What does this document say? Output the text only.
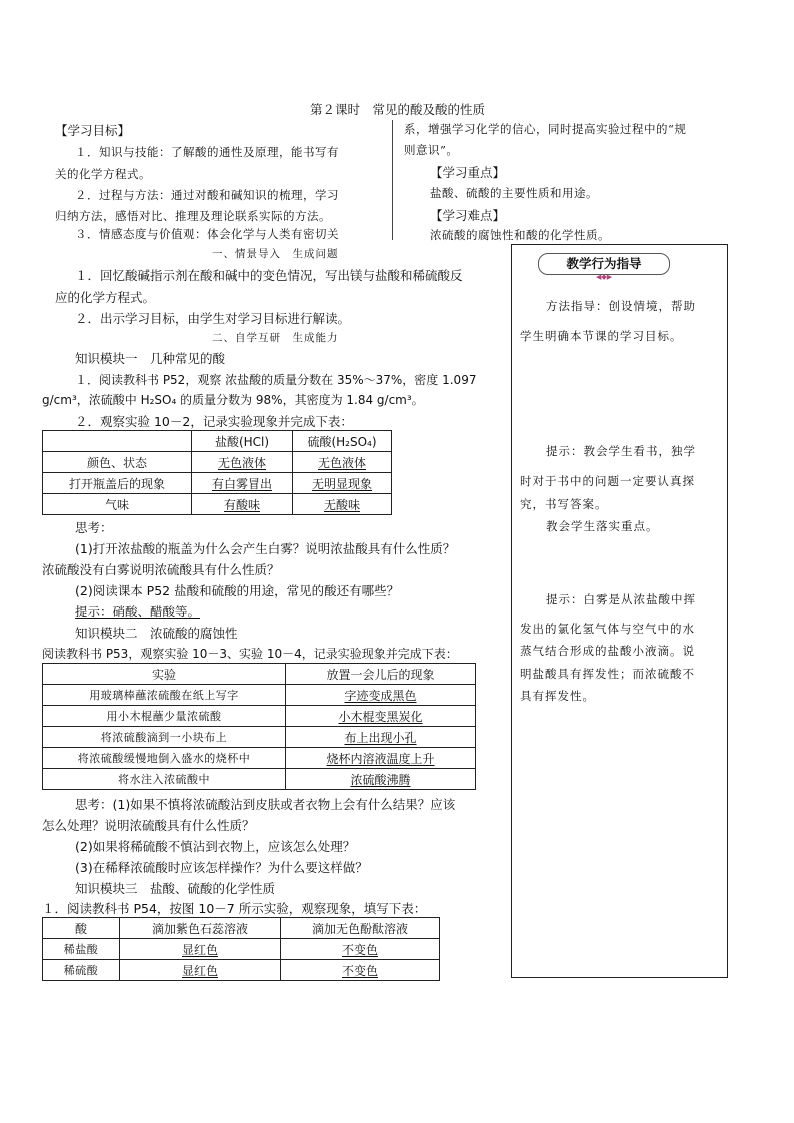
第２课时　常见的酸及酸的性质
【学习目标】
１．知识与技能：了解酸的通性及原理，能书写有
关的化学方程式。
２．过程与方法：通过对酸和碱知识的梳理，学习
归纳方法，感悟对比、推理及理论联系实际的方法。
３．情感态度与价值观：体会化学与人类有密切关
系，增强学习化学的信心，同时提高实验过程中的“规
则意识”。
【学习重点】
盐酸、硫酸的主要性质和用途。
【学习难点】
浓硫酸的腐蚀性和酸的化学性质。
一、情景导入　生成问题
１．回忆酸碱指示剂在酸和碱中的变色情况，写出镁与盐酸和稀硫酸反
应的化学方程式。
２．出示学习目标，由学生对学习目标进行解读。
二、自学互研　生成能力
知识模块一　几种常见的酸
１．阅读教科书 P52，观察 浓盐酸的质量分数在 35%～37%，密度 1.097
g/cm³，浓硫酸中 H₂SO₄ 的质量分数为 98%，其密度为 1.84 g/cm³。
２．观察实验 10－2，记录实验现象并完成下表：
	盐酸(HCl)	硫酸(H₂SO₄)
颜色、状态	无色液体	无色液体
打开瓶盖后的现象	有白雾冒出	无明显现象
气味	有酸味	无酸味
思考：
(1)打开浓盐酸的瓶盖为什么会产生白雾？说明浓盐酸具有什么性质？
浓硫酸没有白雾说明浓硫酸具有什么性质？
(2)阅读课本 P52 盐酸和硫酸的用途，常见的酸还有哪些？
提示：硝酸、醋酸等。
知识模块二　浓硫酸的腐蚀性
阅读教科书 P53，观察实验 10－3、实验 10－4，记录实验现象并完成下表：
实验	放置一会儿后的现象
用玻璃棒蘸浓硫酸在纸上写字	字迹变成黑色
用小木棍蘸少量浓硫酸	小木棍变黑炭化
将浓硫酸滴到一小块布上	布上出现小孔
将浓硫酸缓慢地倒入盛水的烧杯中	烧杯内溶液温度上升
将水注入浓硫酸中	浓硫酸沸腾
思考：(1)如果不慎将浓硫酸沾到皮肤或者衣物上会有什么结果？应该
怎么处理？说明浓硫酸具有什么性质？
(2)如果将稀硫酸不慎沾到衣物上，应该怎么处理？
(3)在稀释浓硫酸时应该怎样操作？为什么要这样做？
知识模块三　盐酸、硫酸的化学性质
１．阅读教科书 P54，按图 10－7 所示实验，观察现象，填写下表：
酸	滴加紫色石蕊溶液	滴加无色酚酞溶液
稀盐酸	显红色	不变色
稀硫酸	显红色	不变色
教学行为指导
◀◆▶
方法指导：创设情境，帮助
学生明确本节课的学习目标。
提示：教会学生看书，独学
时对于书中的问题一定要认真探
究，书写答案。
教会学生落实重点。
提示：白雾是从浓盐酸中挥
发出的氯化氢气体与空气中的水
蒸气结合形成的盐酸小液滴。说
明盐酸具有挥发性；而浓硫酸不
具有挥发性。
